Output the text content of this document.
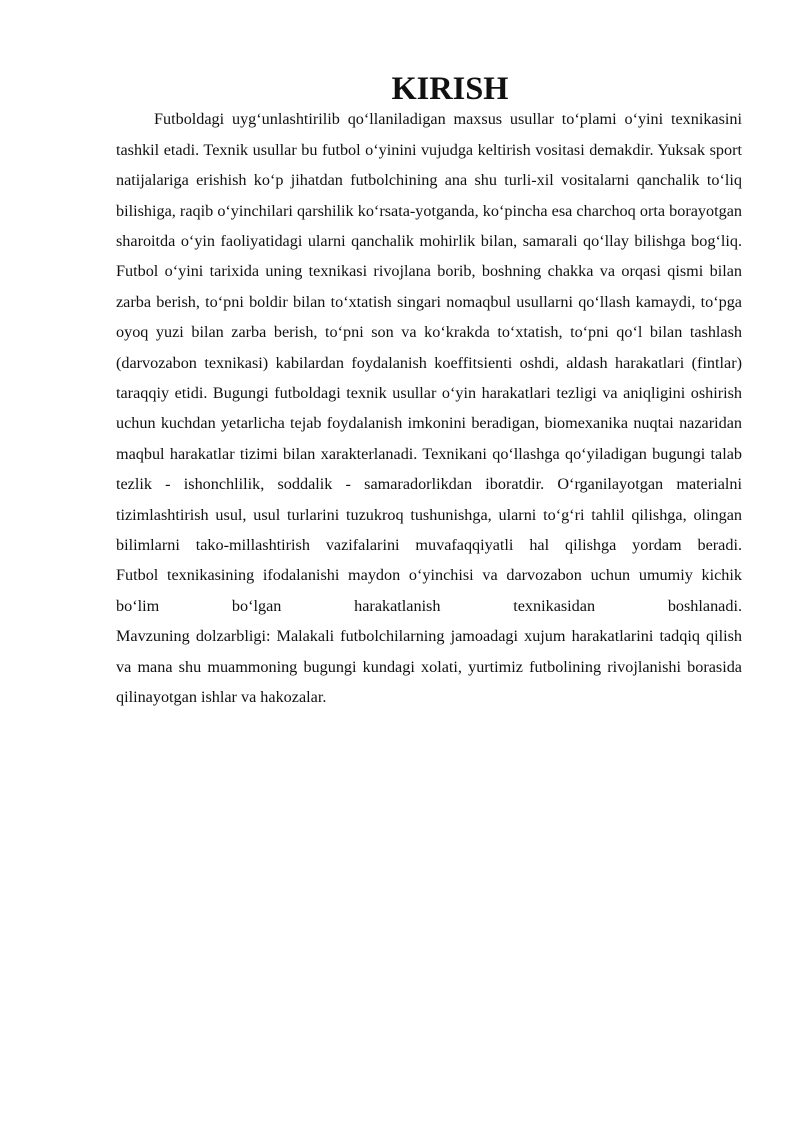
KIRISH

Futboldagi uyg‘unlashtirilib qo‘llaniladigan maxsus usullar to‘plami o‘yini texnikasini tashkil etadi. Texnik usullar bu futbol o‘yinini vujudga keltirish vositasi demakdir. Yuksak sport natijalariga erishish ko‘p jihatdan futbolchining ana shu turli-xil vositalarni qanchalik to‘liq bilishiga, raqib o‘yinchilari qarshilik ko‘rsata-yotganda, ko‘pincha esa charchoq orta borayotgan sharoitda o‘yin faoliyatidagi ularni qanchalik mohirlik bilan, samarali qo‘llay bilishga bog‘liq. Futbol o‘yini tarixida uning texnikasi rivojlana borib, boshning chakka va orqasi qismi bilan zarba berish, to‘pni boldir bilan to‘xtatish singari nomaqbul usullarni qo‘llash kamaydi, to‘pga oyoq yuzi bilan zarba berish, to‘pni son va ko‘krakda to‘xtatish, to‘pni qo‘l bilan tashlash (darvozabon texnikasi) kabilardan foydalanish koeffitsienti oshdi, aldash harakatlari (fintlar) taraqqiy etidi. Bugungi futboldagi texnik usullar o‘yin harakatlari tezligi va aniqligini oshirish uchun kuchdan yetarlicha tejab foydalanish imkonini beradigan, biomexanika nuqtai nazaridan maqbul harakatlar tizimi bilan xarakterlanadi. Texnikani qo‘llashga qo‘yiladigan bugungi talab tezlik - ishonchlilik, soddalik - samaradorlikdan iboratdir. O‘rganilayotgan materialni tizimlashtirish usul, usul turlarini tuzukroq tushunishga, ularni to‘g‘ri tahlil qilishga, olingan bilimlarni tako-millashtirish vazifalarini muvafaqqiyatli hal qilishga yordam beradi.

Futbol texnikasining ifodalanishi maydon o‘yinchisi va darvozabon uchun umumiy kichik bo‘lim bo‘lgan harakatlanish texnikasidan boshlanadi.

Mavzuning dolzarbligi: Malakali futbolchilarning jamoadagi xujum harakatlarini tadqiq qilish va mana shu muammoning bugungi kundagi xolati, yurtimiz futbolining rivojlanishi borasida qilinayotgan ishlar va hakozalar.
